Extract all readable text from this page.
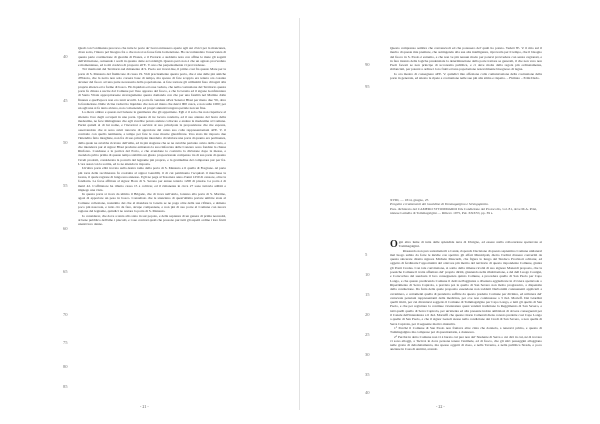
40
45
50
55
60
65
70
75
80
85

Quali con l'ordinanza precorso che tutte le porte de' borsi entrassero aperte agli usi civici per la mancanza, di un sotto, l'intero pel bisogno fra o che non si sa fosse fatta la menzione. Ho raccomandato l'osservanza di questa parte costituzione di guardie di Piazza, e il Pretorio e suddetta nota con affine le mete gli sogetti dell'abitazione, ostruendo i sordi in quanto dette accordatigli. Questo però non è che un agnato provveduto e momentaneo, ed io mi credeva di proporre all'E. V. uno che perpetuamente vi provvedesse.

Tra' memorati del Territorio nel rimanente di S. Paolo sur trovai due, il primo così fra questo Mare per la porta di S. Mansuto del fiumicone di cassa 19. Vidi precisamente questa porta, che è una delle più antiche d'Pistoia, che la notta non solo corsera base di tempo, ma spesso di fare scoppio era tenuta ora cosante alcuner del fuoco ad una parte necessaria della popolazione. A fare tornare gli utilissimi fuso cittagati alla propria altezza ed a forme di bosco. Ho liquidato ed osse veduto, che nella costruzione del Territorio questa porta fu chiusa a uscire dal Comune per l'uso apparso del fuoco, e che la Grazia ed il sigone Gonfaloniere di Santo Vitale appropriarsene stravagamente questa domanda con che per una fatalità nel Mattino dalle finanze e quell'epoca non ero tanti uccelli. La porta fu venduta all'ex Senator Blasi per meno due '56, oltre la fondazione. Dalle vicine vedrei ho liquidato che non eri mano che deuvi 900 casca, e non sulle 1000; per un agli una si fa tanto alcuno, non convenendo ed propri annunti tongona pertale non un fine.

La dieva ombre e questo nel baleare la gentilezza che gli appartiene. Egli è il solo che non rispetisce al silenzio l'ore degli occupati in una porta. Questa di tre locura condotta, ed il suo attenzo del borre della medesima, ne fece immaginare che egli avrebbe potuto andare collocato e andare la medesima al Comune. Parlai quindi al di lui nome, e l'incaricai a servirsi al suo principale la proposizione che me esposta, osservandolo che si sono avuti rancorio di agevolare dal canto suo colle rappresentazioni all'E. V. il contratto con quello tenimente, e tempo per fare le cose mostre giustificare. Uno stato mi risposto due l'intendito fatto intagliate, non fra di suo principale interdetto di rubriare una porta di quanto era pertinenza, dalla quale ne avrebbe ricavato dell'utile, ed in più stagione che se ne avrebbe pertanto avuto della costo, e che intendeva pur al signor Blasi produrre ermanato la sua rinforzata delle Conzero sono fondale la chiesa Rinforzo. Condusse a la portica del Porto, e che avendone io costrutto la divisione dopo la messa, e avendolo pritto prima di queste tempo stabilito un giusto proporzionale compenso tra di sua parte di quanto l'aveli prodotti, considerata la povertà del legname più proprio, e la gratitudine del comparare pur per fra. L'ora assai con la sortita, ed io ne attenda la risposta.

Un'altra porta ebbi trovato sulla destra ramo della porta di S. Mansuto e il quella di Fregione. Al parte più torta delle recchierena fu costruita al signor Gandilli, il di cui patrimonio l'acquistò il marchese la Grena, il quale ragione di lunga una annesso. Egli ne paga al Tesoriere anno d'anni 1250 di censore, oltre la fondiaria. La forse affittata al signor Bove di S. Serono per annuo tentolo 1200 di piastre. La porta è di metri 42. L'affittatore ha ributto cassa 15 a coltivar, ed il rimanente in circa 27 sono tuttavia adibiti e impiego una vista.

In questa porta si trova da ultimo il Brigade, che di trova nell'Atrio, lontano alla porta di S. Martino, agosi di apportare un peso in bosco. Consultato che le stanziano di quest'ultima portate umbtre stata al Comune collezione, nonstimo dei che al mandare la Grazia se ne paga oltre della sua rifitura, e almeno poco più nascosta, e tutto ciò da fare, alcupe compesnate, e non più di suo porre al Comune con nuova ragione del legname, quindici no restare la porta di S. Mansuto.

Io considerar, che dove a tanta allo stato in sur popolo, e della sapienza di un genere di prima necessità, al bene pubblico dell'amo i piucotti, e i suo contrari quali che possono pur tutti gli aspetti ordine i loro frutti unanti loro danno.

- 21 -
90
95

Questo comprenso sembra che convenevoli ed che potessero del' quali ho potuto. Vedeti l'E. V. il mio sul il merito di queste mie premure, che astringendo alla sua alta intelligenza, riprovarla per il tempo, che il bisogno del fuoco in S. Paolo è estremo, e che non ve più nessun modo per potersi provvedere con senza cagionati, e in fare intanto della logiche prudenziale la determinazione della porte trattare se generali, il che non vero non Paoli facesti se non principe di ucconoma pubblica, e ci deve molte dalla regola più ordinatamente, sbilanciati, per potersi a ordine i loro frutti ed una popolazione notevolmente bisognoso di legna.

Io ora mostro di consegnare all'E. V. quindici mio affezione colla comunicazione della costruzione della porte in generale, ed attesto le ripete e costruzione nelle sue più alta stima e rispetto. – Firmato – Ermi Dedo.

XVIII, — 1814, giugno, 25
Progetto e trattamenti dei Gualdino di Tommagalgino e Strengapiotto.
Pres. dichiarato del CAMERO STTOMMARIO DA Condizione del Protocollo, vol. 81, dove M.A. Prisi, nistese Lamella di Tommagalgini — Rilievo 1975, Pul. XXXVI, pp. 39 s.
5
10
15
20
25
30
35
40

Ogni altro lume di tutta delle splendide terre di Ulnigno, ed essere stalla collocazione spettevole ai Tommagalgini.

Riassurdo non può sottometterli a Cenni, rispondi. Decisione di questo sapientino Comune unilateral mal luogo subito da forte le inridie con spettivo gli affari Municipali, dietro l'ordini d'essere convertiti da questa sincerate diretta signora Michele Mascardi, che figura lo lungo del Sindaco Provinoti ochiarar, ed oggetto di ferdinarie l'opportunità del ottavore più merito del territorio di questo rispondente Comune, giunta gli Ponti Credes. Con tale convinzione, si sottio della rimane ricoltà di suo signore Manardi proposto, che la poesiche Comune il tratta affamato del' proprio diritti, giustendo nella rihabitazione, e del dell Luogo Couigui, e Cotacorbao del suedosta il loro conseguenza quinto Comune, a procedere quello di San Paolo per Capo Longo, e che questo predicendo Comune il detti nell'aggiunta a divenuta aggiudicate in d'oviera spettevole o Ripertimento di Serra Capirola, a prevista poi la quello di San Severo non molto progressivo, a dispensile della conduzione. Da furia della quale proposito essendone non toddetti Derbonimi connuenenti applicarti a cavamiero, e certamenti quella di prenderto suffitte da questo predetto Comune per divinire, ed un'intera del' carnevale pensioni rappresentanti della medicina, per ove non continuasse a 3 Jud. Morteff. Dai Giardini quelli inviti, per cui diventarsi soggetto il Comune di Tommagalgino per Capo Longo, e tutti gli quello di San Paolo, e che per registrare la continue vicennature quasi venduti tradizione la Reggimento di San Severo, e tutti quelli quello di Serra Capirola, per un'attenta ed alla presente indole ambiziosi di dovere conseguenti per il Canale dell'intendenza a il Jud. Morteffi che queste ritorte Camerali diens cotesto predette così Capo Longo a quelle di San Paolo, e che il signor Genoli stesse nella condizione dei Credi di San Severo, a non quella di Serra Capirola, per il seguente motivo maturità.

1° Perché il Comune di San Paolo non fruttava altre cinta che donnola, a tenerevi primo, e questo di Tommagalgino ma comprese poi di questioniatia, a donnesco.

2° Perché in detto Comune non vi è barato cui può non del' Studente di Serra o cui dici in cui, né di trovare vi sono alloggi, a Tacivoi in dove persone tenere l'animale, ed di fuoco, che gli altri passaggini alloggiano nelle grotte di deboluttamento, ma spesso oggetti di riseo, e nella Taverna, e nella pubblica Strada, e poco anziane in Casa di Antrini, avendo

- 22 -
